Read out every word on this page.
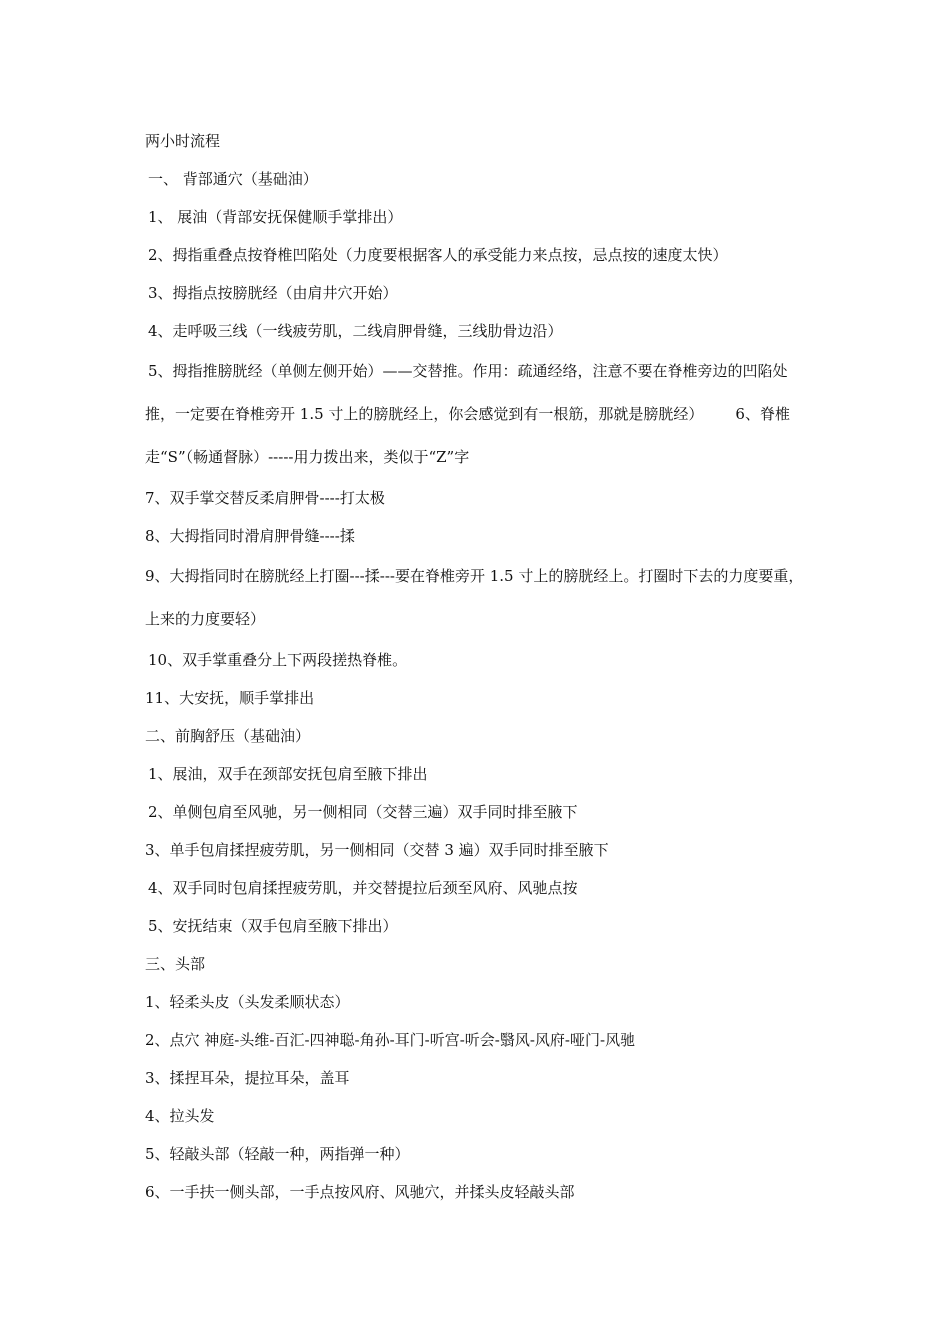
两小时流程
一、 背部通穴（基础油）
1、 展油（背部安抚保健顺手掌排出）
2、拇指重叠点按脊椎凹陷处（力度要根据客人的承受能力来点按，忌点按的速度太快）
3、拇指点按膀胱经（由肩井穴开始）
4、走呼吸三线（一线疲劳肌，二线肩胛骨缝，三线肋骨边沿）
5、拇指推膀胱经（单侧左侧开始）——交替推。作用：疏通经络，注意不要在脊椎旁边的凹陷处推，一定要在脊椎旁开 1.5 寸上的膀胱经上，你会感觉到有一根筋，那就是膀胱经） 6、脊椎走“S”（畅通督脉）-----用力拨出来，类似于“Z”字
7、双手掌交替反柔肩胛骨----打太极
8、大拇指同时滑肩胛骨缝----揉
9、大拇指同时在膀胱经上打圈---揉---要在脊椎旁开 1.5 寸上的膀胱经上。打圈时下去的力度要重，上来的力度要轻）
10、双手掌重叠分上下两段搓热脊椎。
11、大安抚，顺手掌排出
二、前胸舒压（基础油）
1、展油，双手在颈部安抚包肩至腋下排出
2、单侧包肩至风驰，另一侧相同（交替三遍）双手同时排至腋下
3、单手包肩揉捏疲劳肌，另一侧相同（交替 3 遍）双手同时排至腋下
4、双手同时包肩揉捏疲劳肌，并交替提拉后颈至风府、风驰点按
5、安抚结束（双手包肩至腋下排出）
三、头部
1、轻柔头皮（头发柔顺状态）
2、点穴 神庭-头维-百汇-四神聪-角孙-耳门-听宫-听会-翳风-风府-哑门-风驰
3、揉捏耳朵，提拉耳朵，盖耳
4、拉头发
5、轻敲头部（轻敲一种，两指弹一种）
6、一手扶一侧头部，一手点按风府、风驰穴，并揉头皮轻敲头部
